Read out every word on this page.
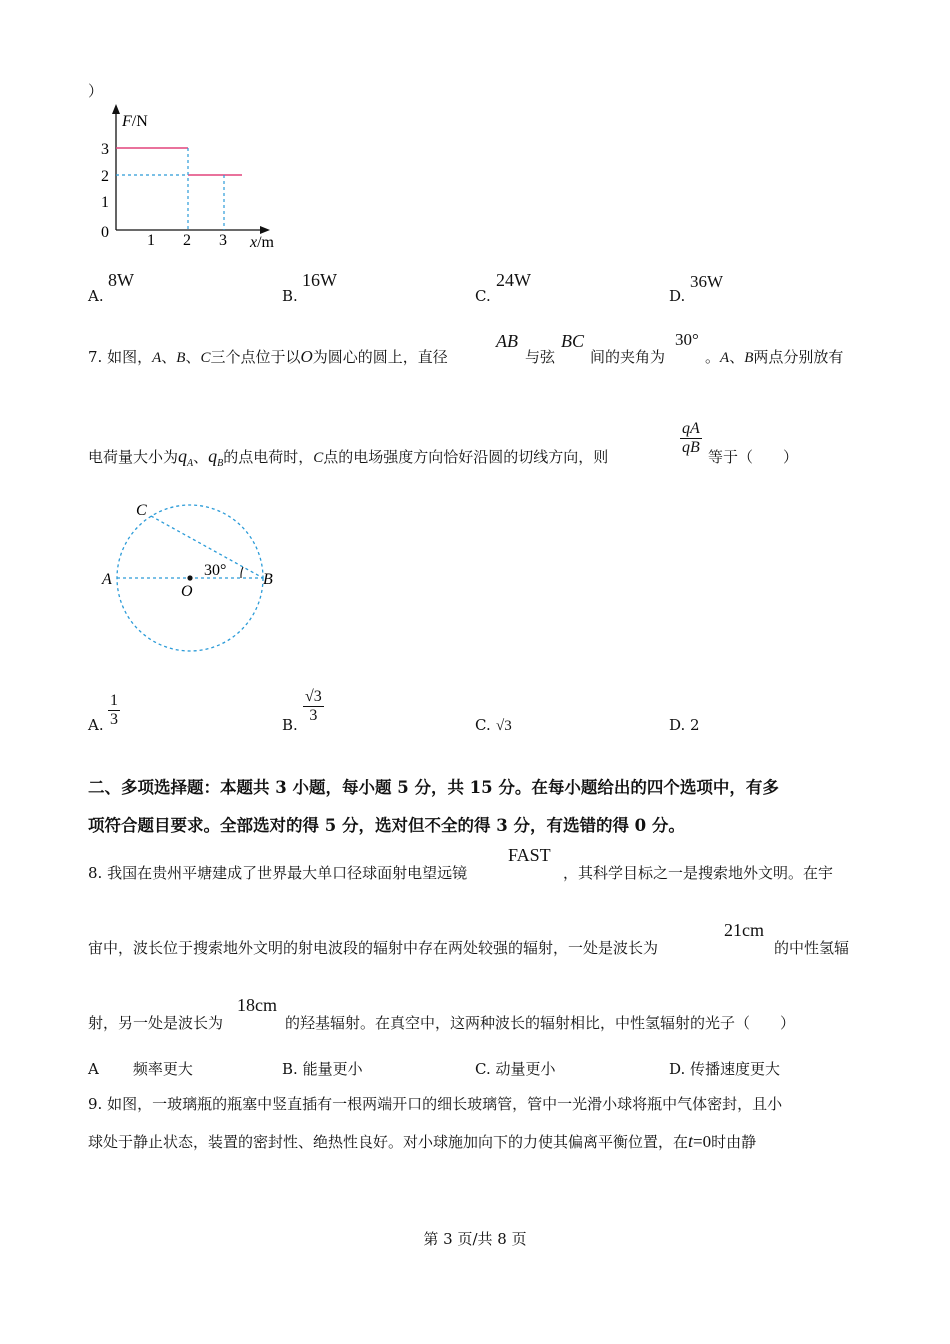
）
F/N
x/m
3
2
1
0 1 2 3
A.
8W
B.
16W
C.
24W
D.
36W
7. 如图，A、B、C三个点位于以O为圆心的圆上，直径
AB
与弦
BC
间的夹角为
30°
。A、B两点分别放有
电荷量大小为$q_A$、$q_B$的点电荷时，C点的电场强度方向恰好沿圆的切线方向，则	$\frac{qA}{qB}$ 等于（　　）
C
A
O
B
30°
A.
1
3	B.
√3
3
C. √3	D. 2
二、多项选择题：本题共 3 小题，每小题 5 分，共 15 分。在每小题给出的四个选项中，有多
项符合题目要求。全部选对的得 5 分，选对但不全的得 3 分，有选错的得 0 分。
8. 我国在贵州平塘建成了世界最大单口径球面射电望远镜
FAST
，其科学目标之一是搜索地外文明。在宇
宙中，波长位于搜索地外文明的射电波段的辐射中存在两处较强的辐射，一处是波长为
21cm
的中性氢辐
射，另一处是波长为
18cm
的羟基辐射。在真空中，这两种波长的辐射相比，中性氢辐射的光子（　　）
A 频率更大	B. 能量更小	C. 动量更小	D. 传播速度更大
9. 如图，一玻璃瓶的瓶塞中竖直插有一根两端开口的细长玻璃管，管中一光滑小球将瓶中气体密封，且小
球处于静止状态，装置的密封性、绝热性良好。对小球施加向下的力使其偏离平衡位置，在t=0时由静
第 3 页/共 8 页
